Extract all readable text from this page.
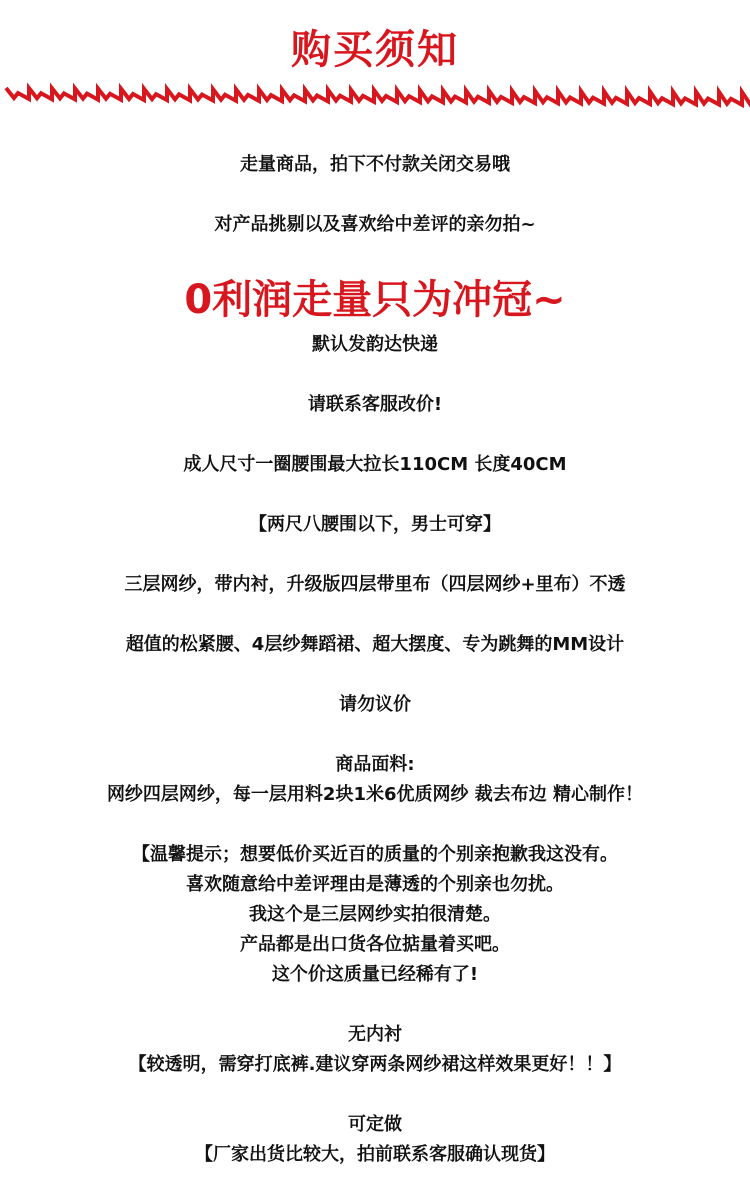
购买须知
走量商品，拍下不付款关闭交易哦
对产品挑剔以及喜欢给中差评的亲勿拍~
0利润走量只为冲冠~
默认发韵达快递
请联系客服改价!
成人尺寸一圈腰围最大拉长110CM 长度40CM
【两尺八腰围以下，男士可穿】
三层网纱，带内衬，升级版四层带里布（四层网纱+里布）不透
超值的松紧腰、4层纱舞蹈裙、超大摆度、专为跳舞的MM设计
请勿议价
商品面料:
网纱四层网纱，每一层用料2块1米6优质网纱 裁去布边 精心制作！
【温馨提示；想要低价买近百的质量的个别亲抱歉我这没有。
喜欢随意给中差评理由是薄透的个别亲也勿扰。
我这个是三层网纱实拍很清楚。
产品都是出口货各位掂量着买吧。
这个价这质量已经稀有了!
无内衬
【较透明，需穿打底裤.建议穿两条网纱裙这样效果更好！！】
可定做
【厂家出货比较大，拍前联系客服确认现货】
